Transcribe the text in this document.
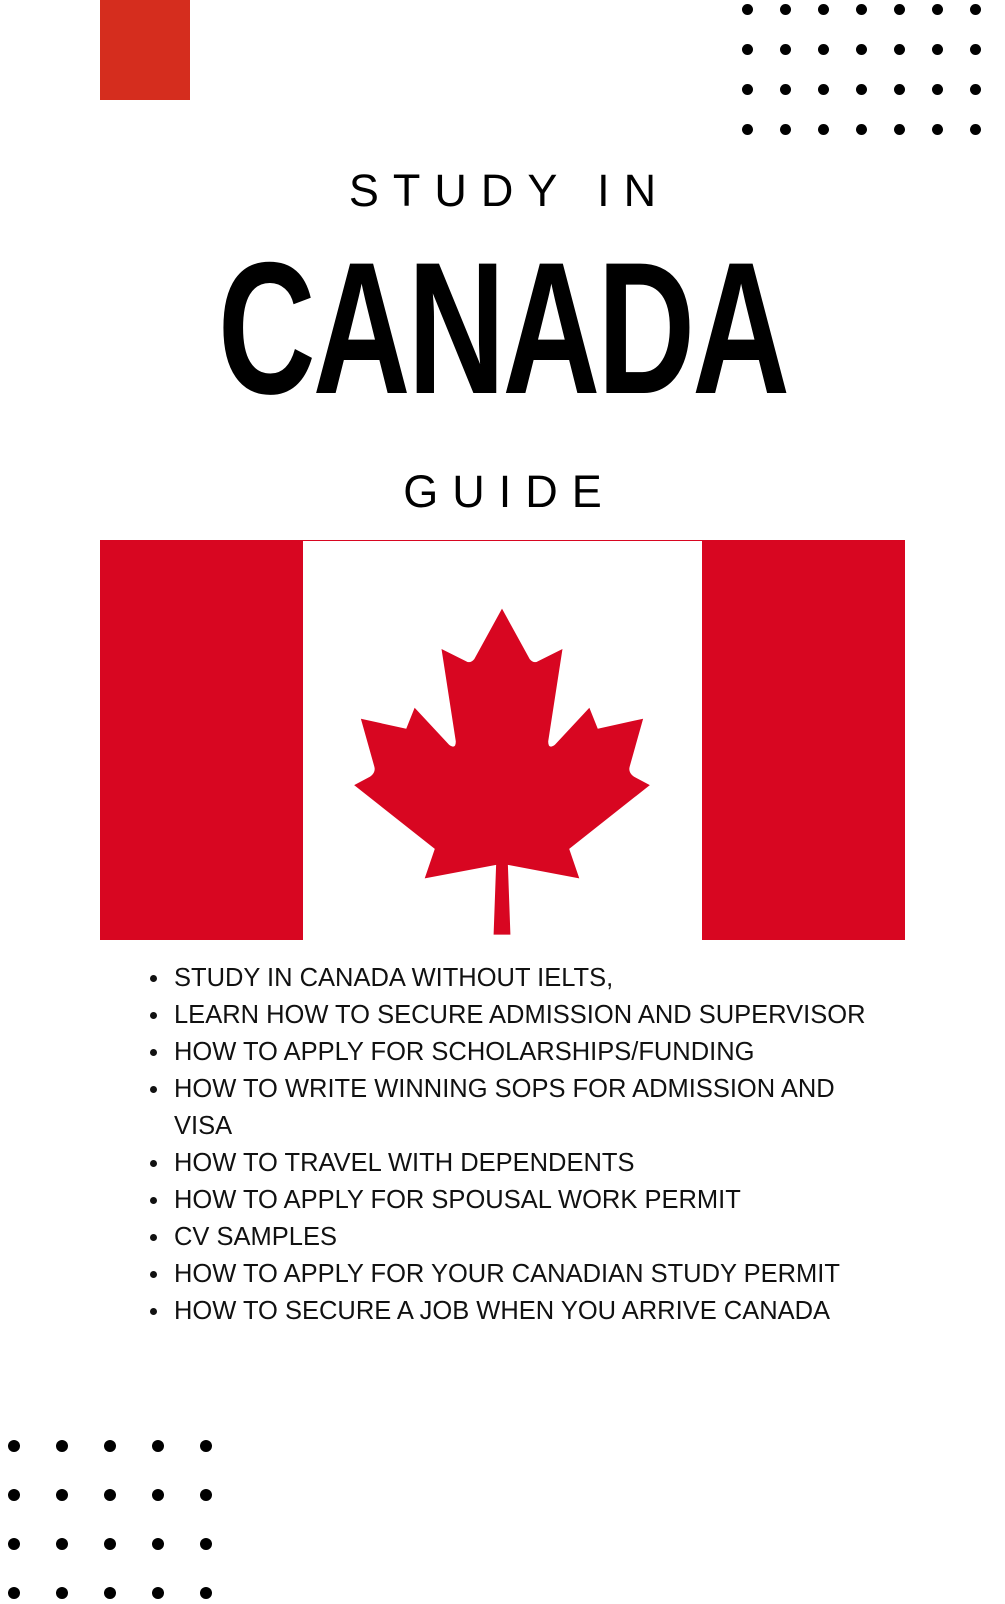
STUDY IN
CANADA
GUIDE
STUDY IN CANADA WITHOUT IELTS,
LEARN HOW TO SECURE ADMISSION AND SUPERVISOR
HOW TO APPLY FOR SCHOLARSHIPS/FUNDING
HOW TO WRITE WINNING SOPS FOR ADMISSION AND VISA
HOW TO TRAVEL WITH DEPENDENTS
HOW TO APPLY FOR SPOUSAL WORK PERMIT
CV SAMPLES
HOW TO APPLY FOR YOUR CANADIAN STUDY PERMIT
HOW TO SECURE A JOB WHEN YOU ARRIVE CANADA
